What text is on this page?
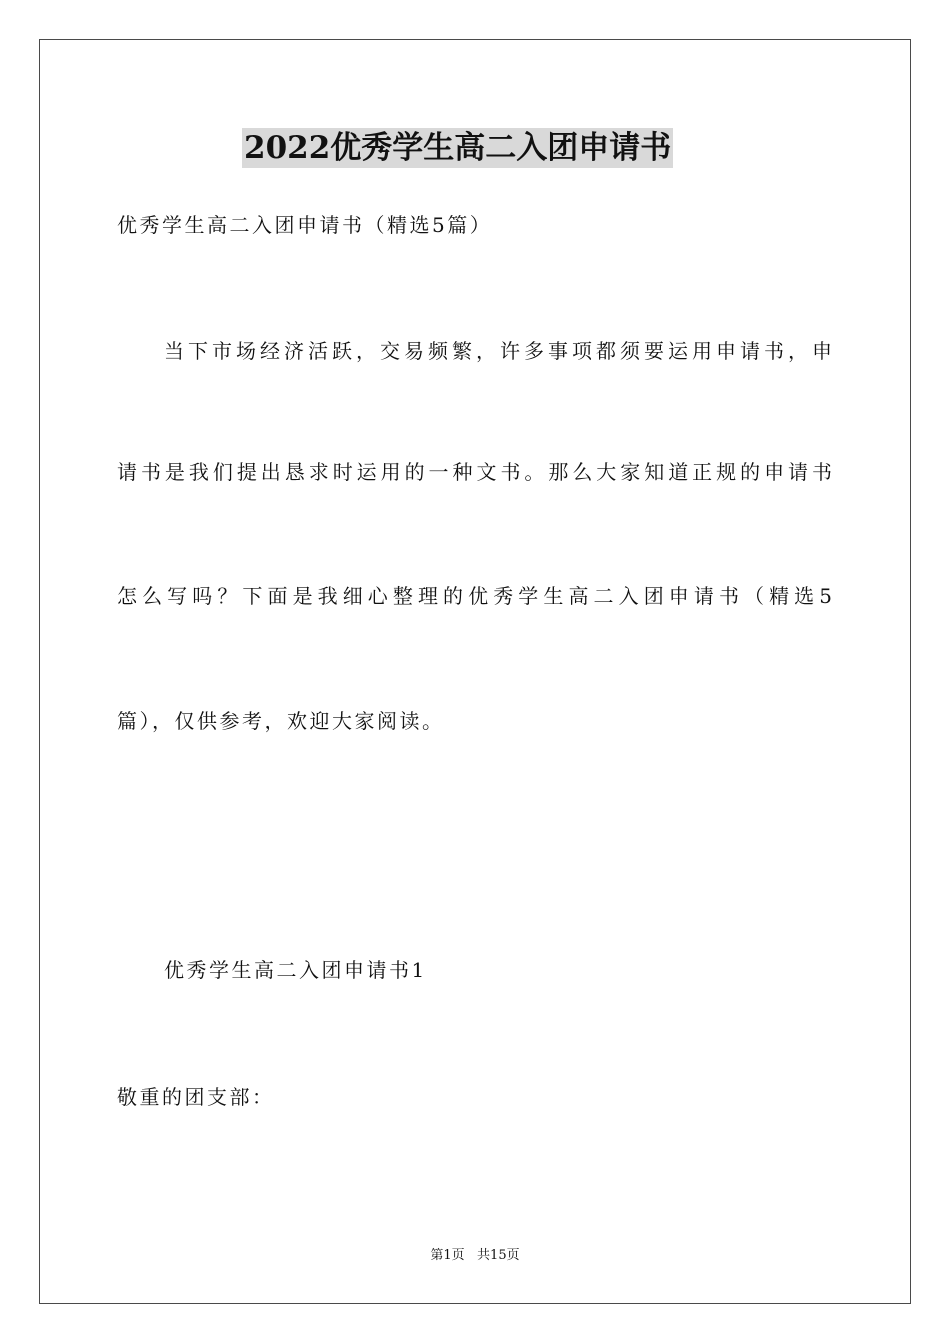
2022优秀学生高二入团申请书
优秀学生高二入团申请书（精选5篇）
当下市场经济活跃，交易频繁，许多事项都须要运用申请书，申
请书是我们提出恳求时运用的一种文书。那么大家知道正规的申请书
怎么写吗？下面是我细心整理的优秀学生高二入团申请书（精选5
篇），仅供参考，欢迎大家阅读。
优秀学生高二入团申请书1
敬重的团支部：
第1页   共15页
